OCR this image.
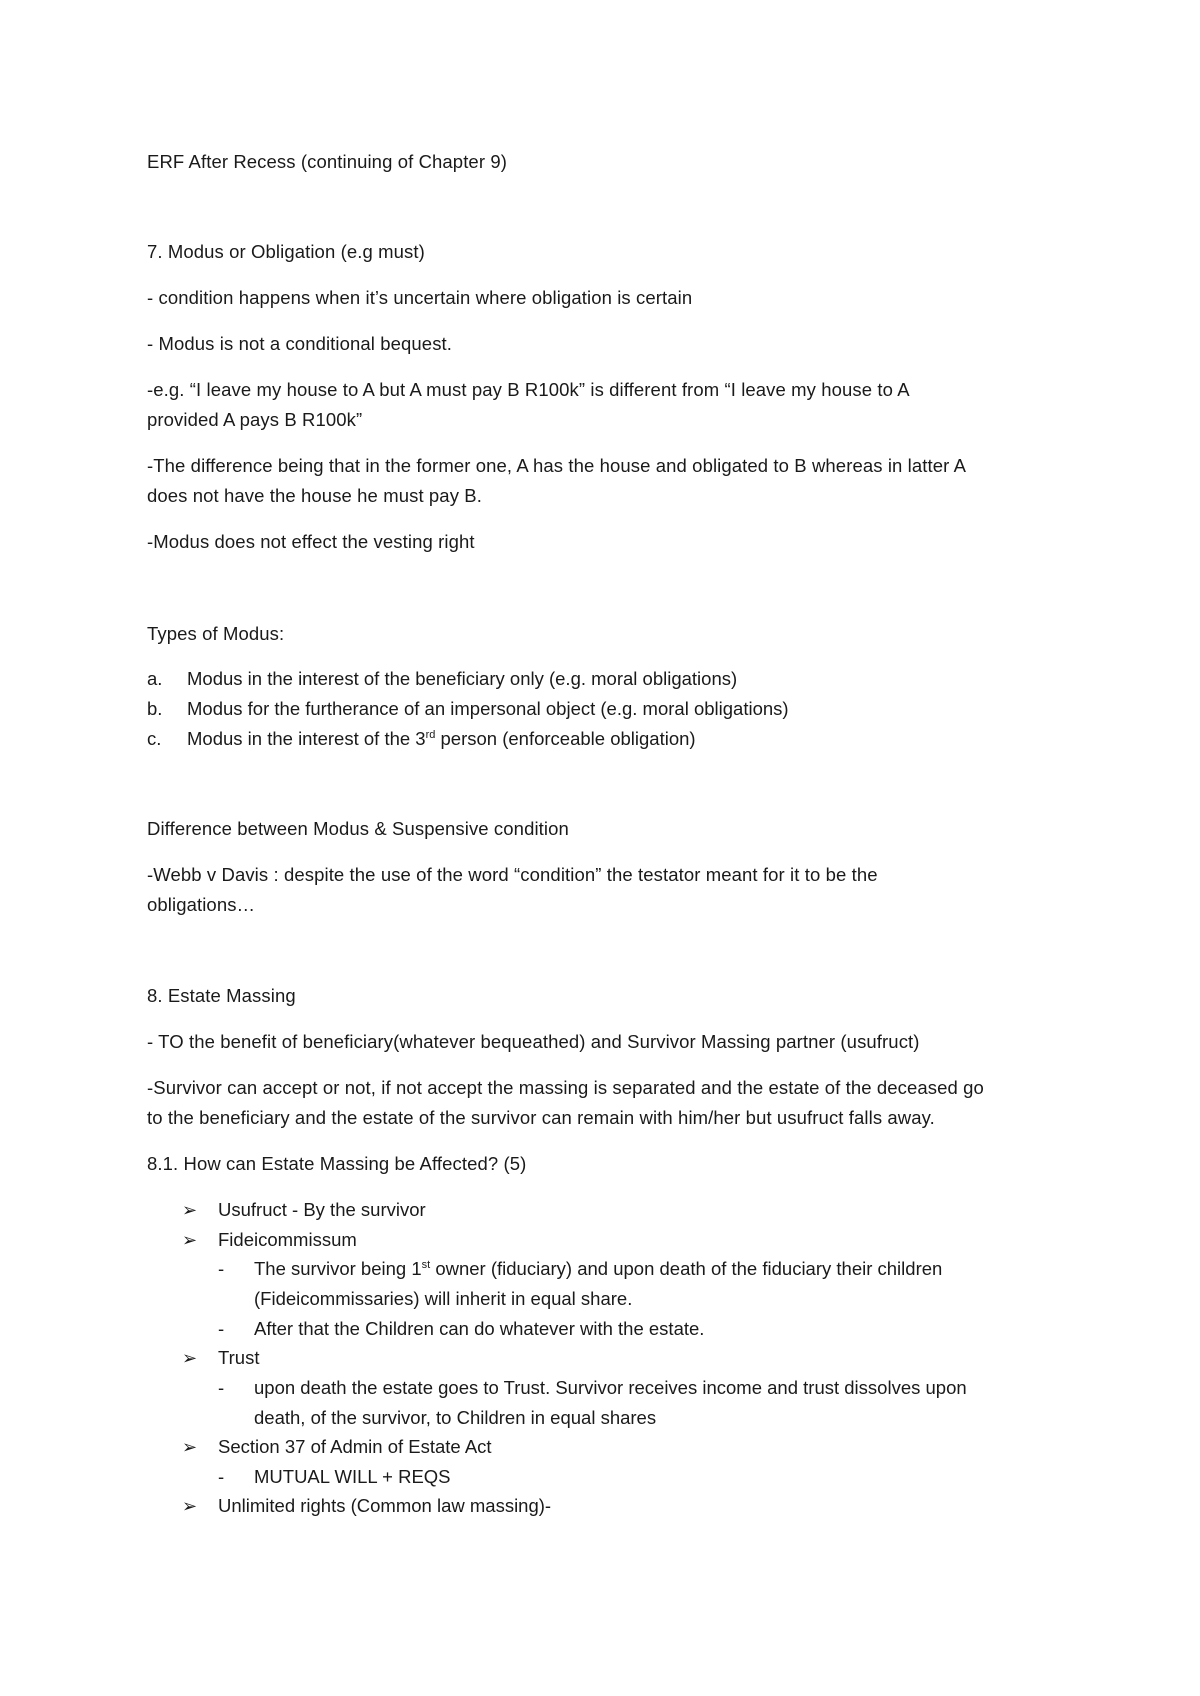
ERF After Recess (continuing of Chapter 9)
7. Modus or Obligation (e.g must)
- condition happens when it’s uncertain where obligation is certain
- Modus is not a conditional bequest.
-e.g. “I leave my house to A but A must pay B R100k” is different from “I leave my house to A
provided A pays B R100k”
-The difference being that in the former one, A has the house and obligated to B whereas in latter A
does not have the house he must pay B.
-Modus does not effect the vesting right
Types of Modus:
a. Modus in the interest of the beneficiary only (e.g. moral obligations)
b. Modus for the furtherance of an impersonal object (e.g. moral obligations)
c. Modus in the interest of the 3rd person (enforceable obligation)
Difference between Modus & Suspensive condition
-Webb v Davis : despite the use of the word “condition” the testator meant for it to be the
obligations…
8. Estate Massing
- TO the benefit of beneficiary(whatever bequeathed) and Survivor Massing partner (usufruct)
-Survivor can accept or not, if not accept the massing is separated and the estate of the deceased go
to the beneficiary and the estate of the survivor can remain with him/her but usufruct falls away.
8.1. How can Estate Massing be Affected? (5)
➢ Usufruct - By the survivor
➢ Fideicommissum
- The survivor being 1st owner (fiduciary) and upon death of the fiduciary their children
(Fideicommissaries) will inherit in equal share.
- After that the Children can do whatever with the estate.
➢ Trust
- upon death the estate goes to Trust. Survivor receives income and trust dissolves upon
death, of the survivor, to Children in equal shares
➢ Section 37 of Admin of Estate Act
- MUTUAL WILL + REQS
➢ Unlimited rights (Common law massing)-
